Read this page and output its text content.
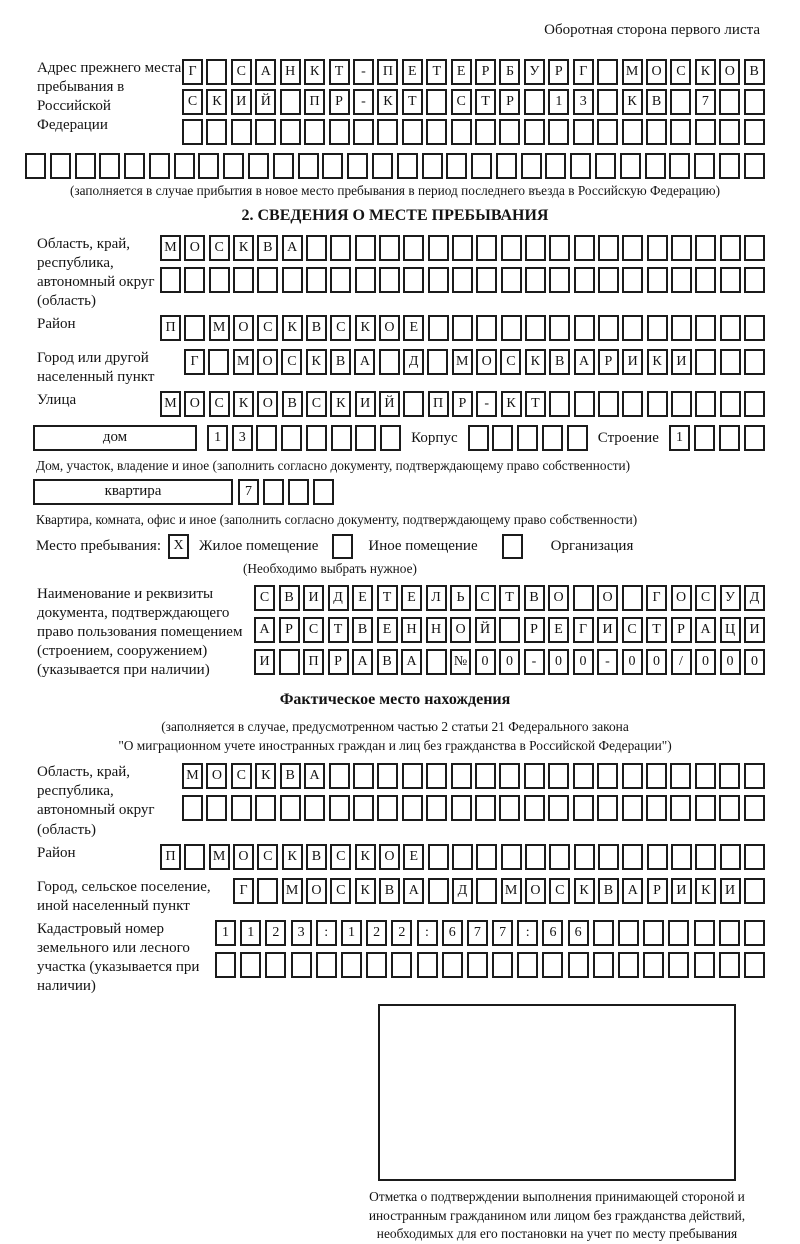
Оборотная сторона первого листа
Адрес прежнего места пребывания в Российской Федерации
Г	С	А	Н	К	Т	-	П	Е	Т	Е	Р	Б	У	Р	Г	М О	С	К	О	В
С	К	И	Й	П	Р	-	К	Т	С	Т	Р	1	3	К	В	7
(заполняется в случае прибытия в новое место пребывания в период последнего въезда в Российскую Федерацию)
2. СВЕДЕНИЯ О МЕСТЕ ПРЕБЫВАНИЯ
Область, край, республика, автономный округ (область)
М О	С	К	В	А
Район	П	М О	С	К	В	С	К	О	Е
Город или другой населенный пункт
Г	М О	С	К	В	А	Д	М О	С	К	В	А	Р	И	К	И
Улица	М О	С	К	О	В	С	К	И	Й	П	Р	-	К	Т
дом	1	3	Корпус	Строение	1
Дом, участок, владение и иное (заполнить согласно документу, подтверждающему право собственности)
квартира	7
Квартира, комната, офис и иное (заполнить согласно документу, подтверждающему право собственности)
Место пребывания: X	Жилое помещение	Иное помещение	Организация
(Необходимо выбрать нужное)
Наименование и реквизиты документа, подтверждающего право пользования помещением (строением, сооружением) (указывается при наличии)
С	В	И	Д	Е	Т	Е	Л	Ь	С	Т	В	О	О	Г	О	С	У	Д
А	Р	С	Т	В	Е	Н	Н	О	Й	Р	Е	Г	И	С	Т	Р	А	Ц	И
И	П	Р	А	В	А	№	0	0	-	0	0	-	0	0	/	0	0	0
Фактическое место нахождения
(заполняется в случае, предусмотренном частью 2 статьи 21 Федерального закона
"О миграционном учете иностранных граждан и лиц без гражданства в Российской Федерации")
Область, край, республика, автономный округ (область)
М О	С	К	В	А
Район	П	М О	С	К	В	С	К	О	Е
Город, сельское поселение, иной населенный пункт
Г	М О	С	К	В	А	Д	М О	С	К	В	А	Р	И	К	И
Кадастровый номер земельного или лесного участка (указывается при наличии)
1	1	2	3	:	1	2	2	:	6	7	7	:	6	6
Отметка о подтверждении выполнения принимающей стороной и иностранным гражданином или лицом без гражданства действий, необходимых для его постановки на учет по месту пребывания
